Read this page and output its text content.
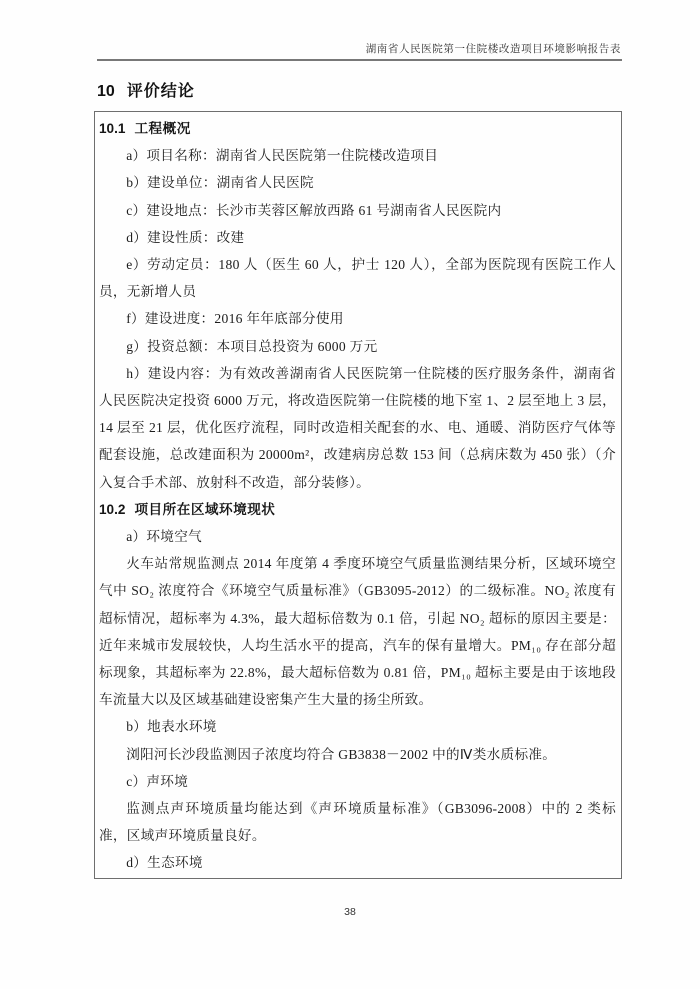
湖南省人民医院第一住院楼改造项目环境影响报告表
10 评价结论
10.1 工程概况

a）项目名称：湖南省人民医院第一住院楼改造项目

b）建设单位：湖南省人民医院

c）建设地点：长沙市芙蓉区解放西路 61 号湖南省人民医院内

d）建设性质：改建

e）劳动定员：180 人（医生 60 人，护士 120 人），全部为医院现有医院工作人员，无新增人员

f）建设进度：2016 年年底部分使用

g）投资总额：本项目总投资为 6000 万元

h）建设内容：为有效改善湖南省人民医院第一住院楼的医疗服务条件，湖南省人民医院决定投资 6000 万元，将改造医院第一住院楼的地下室 1、2 层至地上 3 层，14 层至 21 层，优化医疗流程，同时改造相关配套的水、电、通暖、消防医疗气体等配套设施，总改建面积为 20000m²，改建病房总数 153 间（总病床数为 450 张）（介入复合手术部、放射科不改造，部分装修）。

10.2 项目所在区域环境现状

a）环境空气

火车站常规监测点 2014 年度第 4 季度环境空气质量监测结果分析，区域环境空气中 SO₂ 浓度符合《环境空气质量标准》（GB3095-2012）的二级标准。NO₂ 浓度有超标情况，超标率为 4.3%，最大超标倍数为 0.1 倍，引起 NO₂ 超标的原因主要是：近年来城市发展较快，人均生活水平的提高，汽车的保有量增大。PM₁₀ 存在部分超标现象，其超标率为 22.8%，最大超标倍数为 0.81 倍，PM₁₀ 超标主要是由于该地段车流量大以及区域基础建设密集产生大量的扬尘所致。

b）地表水环境

浏阳河长沙段监测因子浓度均符合 GB3838－2002 中的Ⅳ类水质标准。

c）声环境

监测点声环境质量均能达到《声环境质量标准》（GB3096-2008）中的 2 类标准，区域声环境质量良好。

d）生态环境

38
